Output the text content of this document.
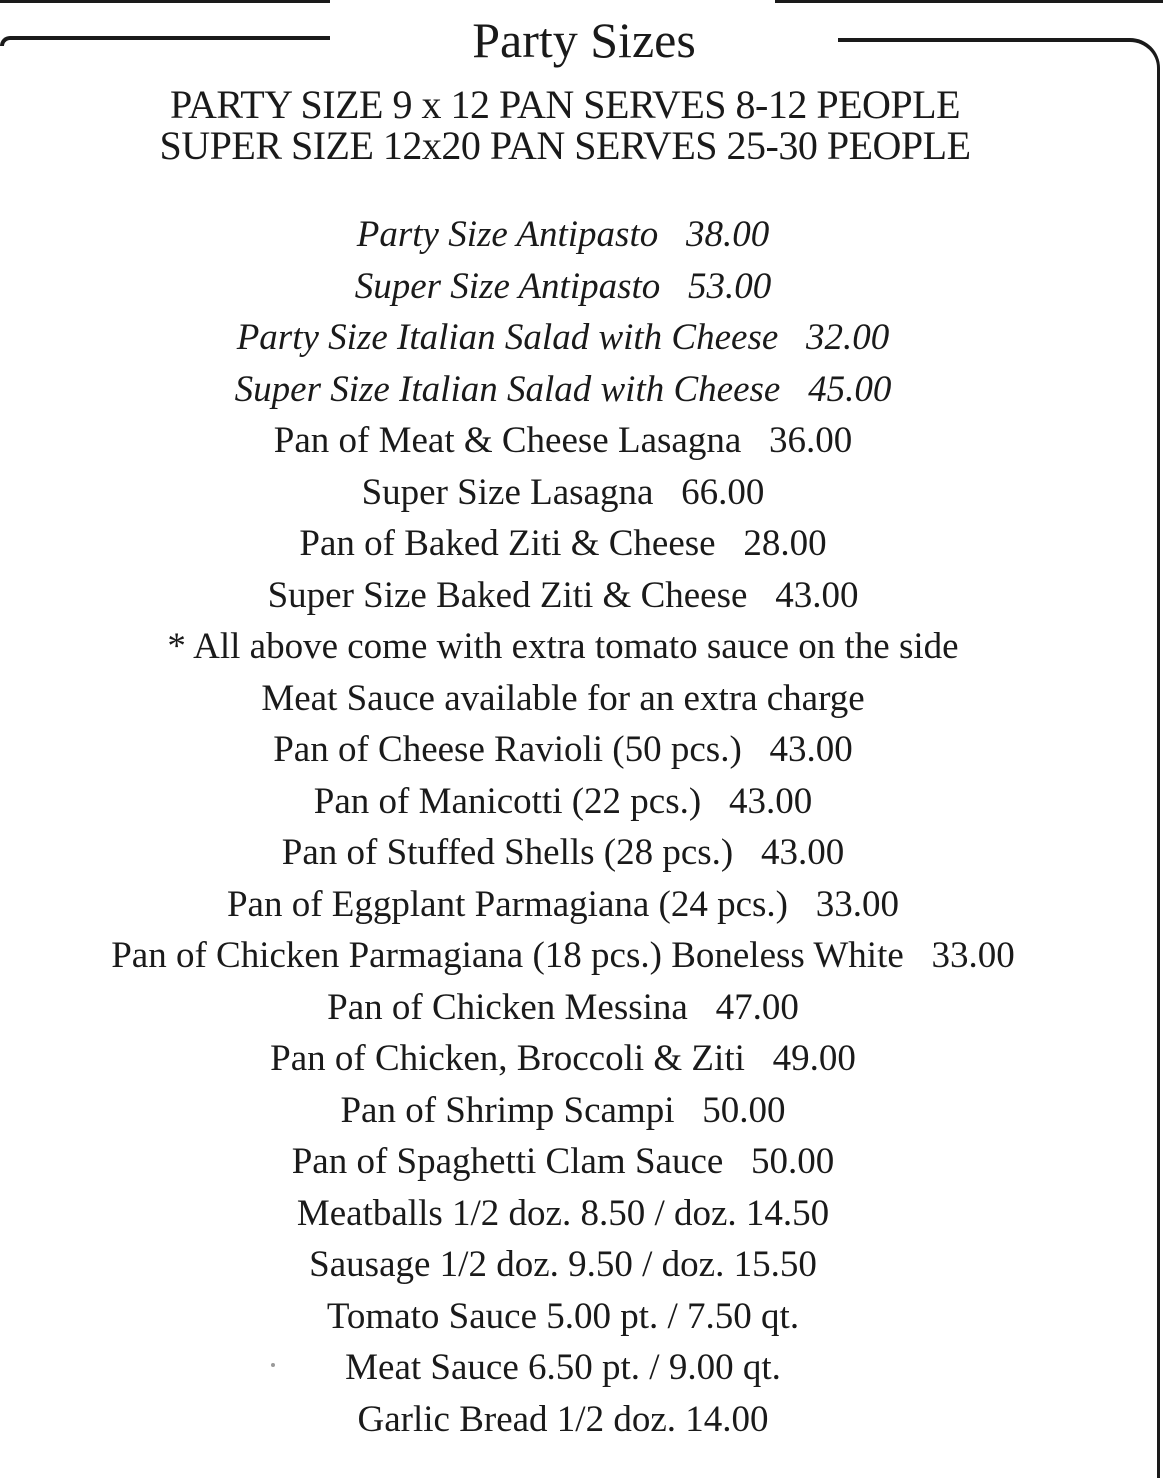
Party Sizes
PARTY SIZE 9 x 12 PAN SERVES 8-12 PEOPLE
SUPER SIZE 12x20 PAN SERVES 25-30 PEOPLE
Party Size Antipasto 38.00
Super Size Antipasto 53.00
Party Size Italian Salad with Cheese 32.00
Super Size Italian Salad with Cheese 45.00
Pan of Meat & Cheese Lasagna 36.00
Super Size Lasagna 66.00
Pan of Baked Ziti & Cheese 28.00
Super Size Baked Ziti & Cheese 43.00
* All above come with extra tomato sauce on the side
Meat Sauce available for an extra charge
Pan of Cheese Ravioli (50 pcs.) 43.00
Pan of Manicotti (22 pcs.) 43.00
Pan of Stuffed Shells (28 pcs.) 43.00
Pan of Eggplant Parmagiana (24 pcs.) 33.00
Pan of Chicken Parmagiana (18 pcs.) Boneless White 33.00
Pan of Chicken Messina 47.00
Pan of Chicken, Broccoli & Ziti 49.00
Pan of Shrimp Scampi 50.00
Pan of Spaghetti Clam Sauce 50.00
Meatballs 1/2 doz. 8.50 / doz. 14.50
Sausage 1/2 doz. 9.50 / doz. 15.50
Tomato Sauce 5.00 pt. / 7.50 qt.
Meat Sauce 6.50 pt. / 9.00 qt.
Garlic Bread 1/2 doz. 14.00
